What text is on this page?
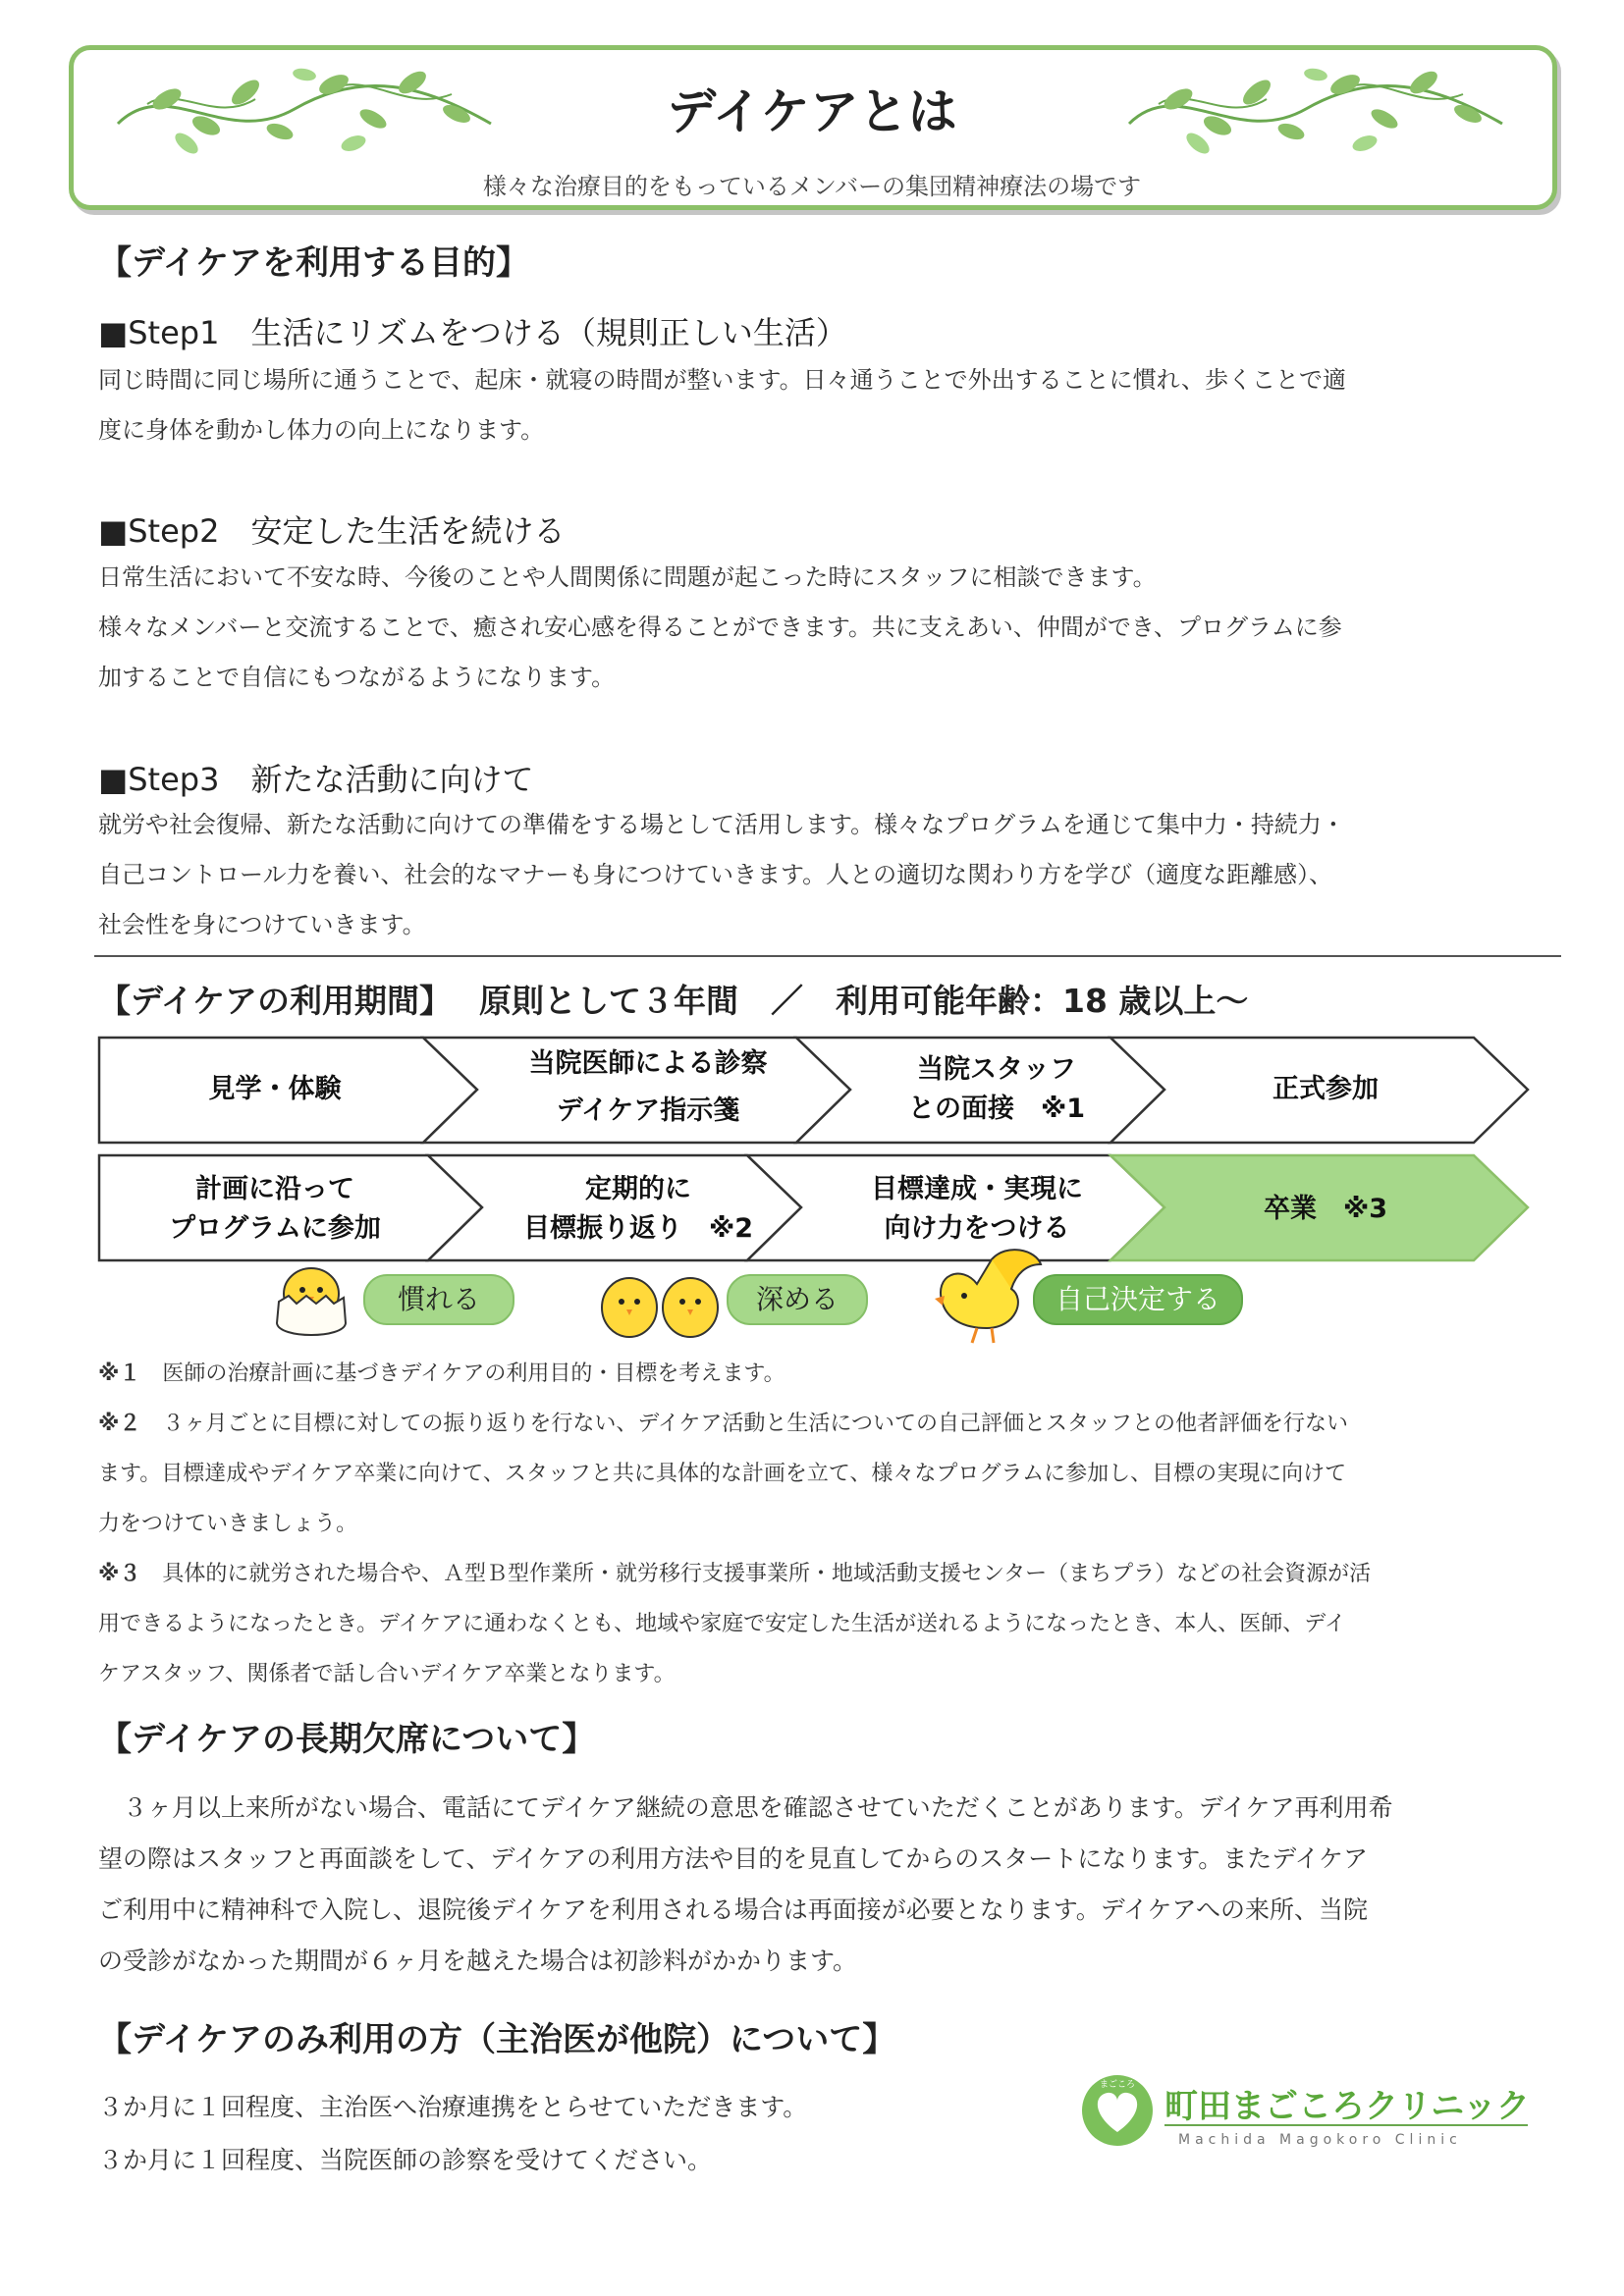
デイケアとは
様々な治療目的をもっているメンバーの集団精神療法の場です
【デイケアを利用する目的】
■Step1　生活にリズムをつける（規則正しい生活）
同じ時間に同じ場所に通うことで、起床・就寝の時間が整います。日々通うことで外出することに慣れ、歩くことで適
度に身体を動かし体力の向上になります。
■Step2　安定した生活を続ける
日常生活において不安な時、今後のことや人間関係に問題が起こった時にスタッフに相談できます。
様々なメンバーと交流することで、癒され安心感を得ることができます。共に支えあい、仲間ができ、プログラムに参
加することで自信にもつながるようになります。
■Step3　新たな活動に向けて
就労や社会復帰、新たな活動に向けての準備をする場として活用します。様々なプログラムを通じて集中力・持続力・
自己コントロール力を養い、社会的なマナーも身につけていきます。人との適切な関わり方を学び（適度な距離感）、
社会性を身につけていきます。
【デイケアの利用期間】　 原則として３年間　／　利用可能年齢：18 歳以上～
見学・体験
当院医師による診察
デイケア指示箋
当院スタッフ
との面接　※1
正式参加
計画に沿って
プログラムに参加
定期的に
目標振り返り　※2
目標達成・実現に
向け力をつける
卒業　※3
慣れる	深める	自己決定する
※１　医師の治療計画に基づきデイケアの利用目的・目標を考えます。
※２　３ヶ月ごとに目標に対しての振り返りを行ない、デイケア活動と生活についての自己評価とスタッフとの他者評価を行ない
ます。目標達成やデイケア卒業に向けて、スタッフと共に具体的な計画を立て、様々なプログラムに参加し、目標の実現に向けて
力をつけていきましょう。
※３　具体的に就労された場合や、Ａ型Ｂ型作業所・就労移行支援事業所・地域活動支援センター（まちプラ）などの社会資源が活
用できるようになったとき。デイケアに通わなくとも、地域や家庭で安定した生活が送れるようになったとき、本人、医師、デイ
ケアスタッフ、関係者で話し合いデイケア卒業となります。
【デイケアの長期欠席について】
　３ヶ月以上来所がない場合、電話にてデイケア継続の意思を確認させていただくことがあります。デイケア再利用希
望の際はスタッフと再面談をして、デイケアの利用方法や目的を見直してからのスタートになります。またデイケア
ご利用中に精神科で入院し、退院後デイケアを利用される場合は再面接が必要となります。デイケアへの来所、当院
の受診がなかった期間が６ヶ月を越えた場合は初診料がかかります。
【デイケアのみ利用の方（主治医が他院）について】
３か月に１回程度、主治医へ治療連携をとらせていただきます。
３か月に１回程度、当院医師の診察を受けてください。
まごころ
町田まごころクリニック
Machida Magokoro Clinic
